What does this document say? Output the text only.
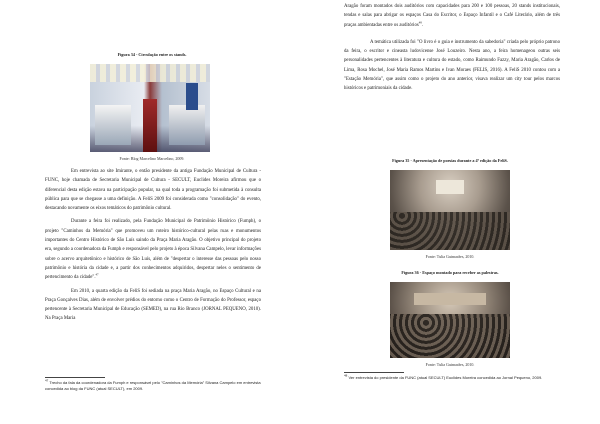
Figura 34 - Circulação entre os stands.
Fonte: Blog Marcelino Marcelino, 2009.

Em entrevista ao site Imirante, o então presidente da antiga Fundação Municipal de Cultura - FUNC, hoje chamada de Secretaria Municipal de Cultura - SECULT, Euclides Moreira afirmou que o diferencial desta edição estava na participação popular, na qual toda a programação foi submetida à consulta pública para que se chegasse a uma definição. A FeliS 2009 foi considerada como "consolidação" do evento, destacando novamente os eixos temáticos do patrimônio cultural.

Durante a feira foi realizado, pela Fundação Municipal de Patrimônio Histórico (Fumph), o projeto "Caminhos da Memória" que promoveu um roteiro histórico-cultural pelas ruas e monumentos importantes do Centro Histórico de São Luís saindo da Praça Maria Aragão. O objetivo principal do projeto era, segundo a coordenadora da Fumph e responsável pelo projeto à época Silvana Campelo, levar informações sobre o acervo arquitetônico e histórico de São Luís, além de "despertar o interesse das pessoas pelo nosso patrimônio e história da cidade e, a partir dos conhecimentos adquiridos, despertar neles o sentimento de pertencimento da cidade".$^{47}$

Em 2010, a quarta edição da FeliS foi sediada na praça Maria Aragão, no Espaço Cultural e na Praça Gonçalves Dias, além de envolver prédios do entorno como o Centro de Formação do Professor, espaço pertencente à Secretaria Municipal de Educação (SEMED), na rua Rio Branco (JORNAL PEQUENO, 2010). Na Praça Maria

$^{47}$ Trecho da fala da coordenadora da Fumph e responsável pelo "Caminhos da Memória" Silvana Campelo em entrevista concedida ao blog da FUNC (atual SECULT), em 2009.

Aragão foram montados dois auditórios com capacidades para 200 e 100 pessoas, 20 stands institucionais, tendas e salas para abrigar os espaços Casa do Escritor, o Espaço Infantil e o Café Literário, além de três praças ambientadas entre os auditórios$^{48}$.

A temática utilizada foi "O livro é o guia e instrumento da sabedoria" criada pelo próprio patrono da feira, o escritor e cineasta ludovicense José Louzeiro. Nesta ano, a feira homenageou outras seis personalidades pertencentes à literatura e cultura do estado, como Raimundo Fazzy, Maria Aragão, Carlos de Lima, Rosa Mochel, José Maria Ramos Martins e Ivan Moraes (FELIS, 2016). A FeliS 2010 contou com a "Estação Memória", que assim como o projeto do ano anterior, visava realizar um city tour pelos marcos históricos e patrimoniais da cidade.

Figura 35 - Apresentação de poesias durante a 4ª edição da FeliS.
Fonte: Tulia Guimarães, 2010.
Figura 36 - Espaço montado para receber as palestras.
Fonte: Tulia Guimarães, 2010.

$^{48}$ Ver entrevista do presidente da FUNC (atual SECULT) Euclides Moreira concedida ao Jornal Pequeno, 2009.
